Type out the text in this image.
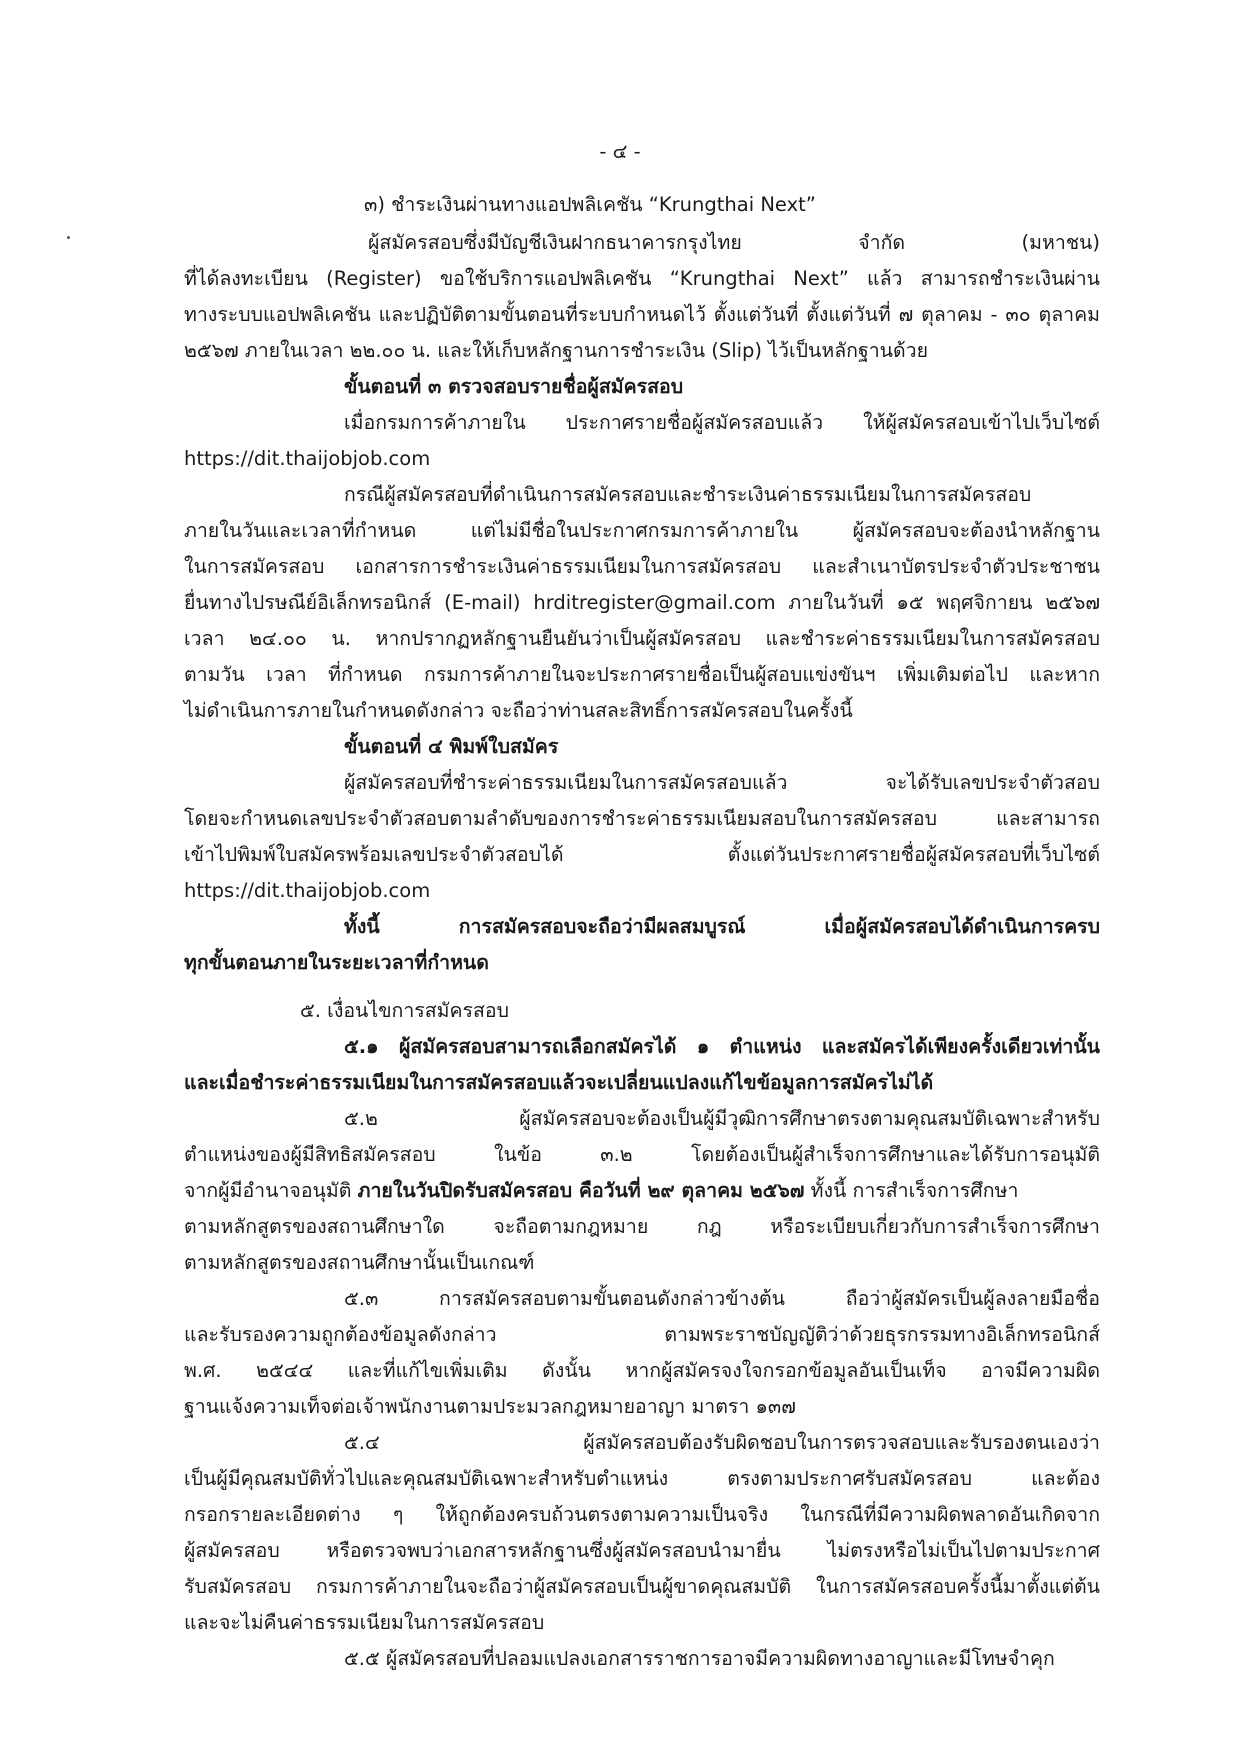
- ๔ -
๓) ชำระเงินผ่านทางแอปพลิเคชัน “Krungthai Next”
ผู้สมัครสอบซึ่งมีบัญชีเงินฝากธนาคารกรุงไทย จำกัด (มหาชน)
ที่ได้ลงทะเบียน (Register) ขอใช้บริการแอปพลิเคชัน “Krungthai Next” แล้ว สามารถชำระเงินผ่าน
ทางระบบแอปพลิเคชัน และปฏิบัติตามขั้นตอนที่ระบบกำหนดไว้ ตั้งแต่วันที่ ตั้งแต่วันที่ ๗ ตุลาคม - ๓๐ ตุลาคม
๒๕๖๗ ภายในเวลา ๒๒.๐๐ น. และให้เก็บหลักฐานการชำระเงิน (Slip) ไว้เป็นหลักฐานด้วย
ขั้นตอนที่ ๓ ตรวจสอบรายชื่อผู้สมัครสอบ
เมื่อกรมการค้าภายใน ประกาศรายชื่อผู้สมัครสอบแล้ว ให้ผู้สมัครสอบเข้าไปเว็บไซต์
https://dit.thaijobjob.com
กรณีผู้สมัครสอบที่ดำเนินการสมัครสอบและชำระเงินค่าธรรมเนียมในการสมัครสอบ
ภายในวันและเวลาที่กำหนด แต่ไม่มีชื่อในประกาศกรมการค้าภายใน ผู้สมัครสอบจะต้องนำหลักฐาน
ในการสมัครสอบ เอกสารการชำระเงินค่าธรรมเนียมในการสมัครสอบ และสำเนาบัตรประจำตัวประชาชน
ยื่นทางไปรษณีย์อิเล็กทรอนิกส์ (E-mail) hrditregister@gmail.com ภายในวันที่ ๑๕ พฤศจิกายน ๒๕๖๗
เวลา ๒๔.๐๐ น. หากปรากฏหลักฐานยืนยันว่าเป็นผู้สมัครสอบ และชำระค่าธรรมเนียมในการสมัครสอบ
ตามวัน เวลา ที่กำหนด กรมการค้าภายในจะประกาศรายชื่อเป็นผู้สอบแข่งขันฯ เพิ่มเติมต่อไป และหาก
ไม่ดำเนินการภายในกำหนดดังกล่าว จะถือว่าท่านสละสิทธิ์การสมัครสอบในครั้งนี้
ขั้นตอนที่ ๔ พิมพ์ใบสมัคร
ผู้สมัครสอบที่ชำระค่าธรรมเนียมในการสมัครสอบแล้ว จะได้รับเลขประจำตัวสอบ
โดยจะกำหนดเลขประจำตัวสอบตามลำดับของการชำระค่าธรรมเนียมสอบในการสมัครสอบ และสามารถ
เข้าไปพิมพ์ใบสมัครพร้อมเลขประจำตัวสอบได้ ตั้งแต่วันประกาศรายชื่อผู้สมัครสอบที่เว็บไซต์
https://dit.thaijobjob.com
ทั้งนี้ การสมัครสอบจะถือว่ามีผลสมบูรณ์ เมื่อผู้สมัครสอบได้ดำเนินการครบ
ทุกขั้นตอนภายในระยะเวลาที่กำหนด
๕. เงื่อนไขการสมัครสอบ
๕.๑ ผู้สมัครสอบสามารถเลือกสมัครได้ ๑ ตำแหน่ง และสมัครได้เพียงครั้งเดียวเท่านั้น
และเมื่อชำระค่าธรรมเนียมในการสมัครสอบแล้วจะเปลี่ยนแปลงแก้ไขข้อมูลการสมัครไม่ได้
๕.๒ ผู้สมัครสอบจะต้องเป็นผู้มีวุฒิการศึกษาตรงตามคุณสมบัติเฉพาะสำหรับ
ตำแหน่งของผู้มีสิทธิสมัครสอบ ในข้อ ๓.๒ โดยต้องเป็นผู้สำเร็จการศึกษาและได้รับการอนุมัติ
จากผู้มีอำนาจอนุมัติ ภายในวันปิดรับสมัครสอบ คือวันที่ ๒๙ ตุลาคม ๒๕๖๗ ทั้งนี้ การสำเร็จการศึกษา
ตามหลักสูตรของสถานศึกษาใด จะถือตามกฎหมาย กฎ หรือระเบียบเกี่ยวกับการสำเร็จการศึกษา
ตามหลักสูตรของสถานศึกษานั้นเป็นเกณฑ์
๕.๓ การสมัครสอบตามขั้นตอนดังกล่าวข้างต้น ถือว่าผู้สมัครเป็นผู้ลงลายมือชื่อ
และรับรองความถูกต้องข้อมูลดังกล่าว ตามพระราชบัญญัติว่าด้วยธุรกรรมทางอิเล็กทรอนิกส์
พ.ศ. ๒๕๔๔ และที่แก้ไขเพิ่มเติม ดังนั้น หากผู้สมัครจงใจกรอกข้อมูลอันเป็นเท็จ อาจมีความผิด
ฐานแจ้งความเท็จต่อเจ้าพนักงานตามประมวลกฎหมายอาญา มาตรา ๑๓๗
๕.๔ ผู้สมัครสอบต้องรับผิดชอบในการตรวจสอบและรับรองตนเองว่า
เป็นผู้มีคุณสมบัติทั่วไปและคุณสมบัติเฉพาะสำหรับตำแหน่ง ตรงตามประกาศรับสมัครสอบ และต้อง
กรอกรายละเอียดต่าง ๆ ให้ถูกต้องครบถ้วนตรงตามความเป็นจริง ในกรณีที่มีความผิดพลาดอันเกิดจาก
ผู้สมัครสอบ หรือตรวจพบว่าเอกสารหลักฐานซึ่งผู้สมัครสอบนำมายื่น ไม่ตรงหรือไม่เป็นไปตามประกาศ
รับสมัครสอบ กรมการค้าภายในจะถือว่าผู้สมัครสอบเป็นผู้ขาดคุณสมบัติ ในการสมัครสอบครั้งนี้มาตั้งแต่ต้น
และจะไม่คืนค่าธรรมเนียมในการสมัครสอบ
๕.๕ ผู้สมัครสอบที่ปลอมแปลงเอกสารราชการอาจมีความผิดทางอาญาและมีโทษจำคุก
